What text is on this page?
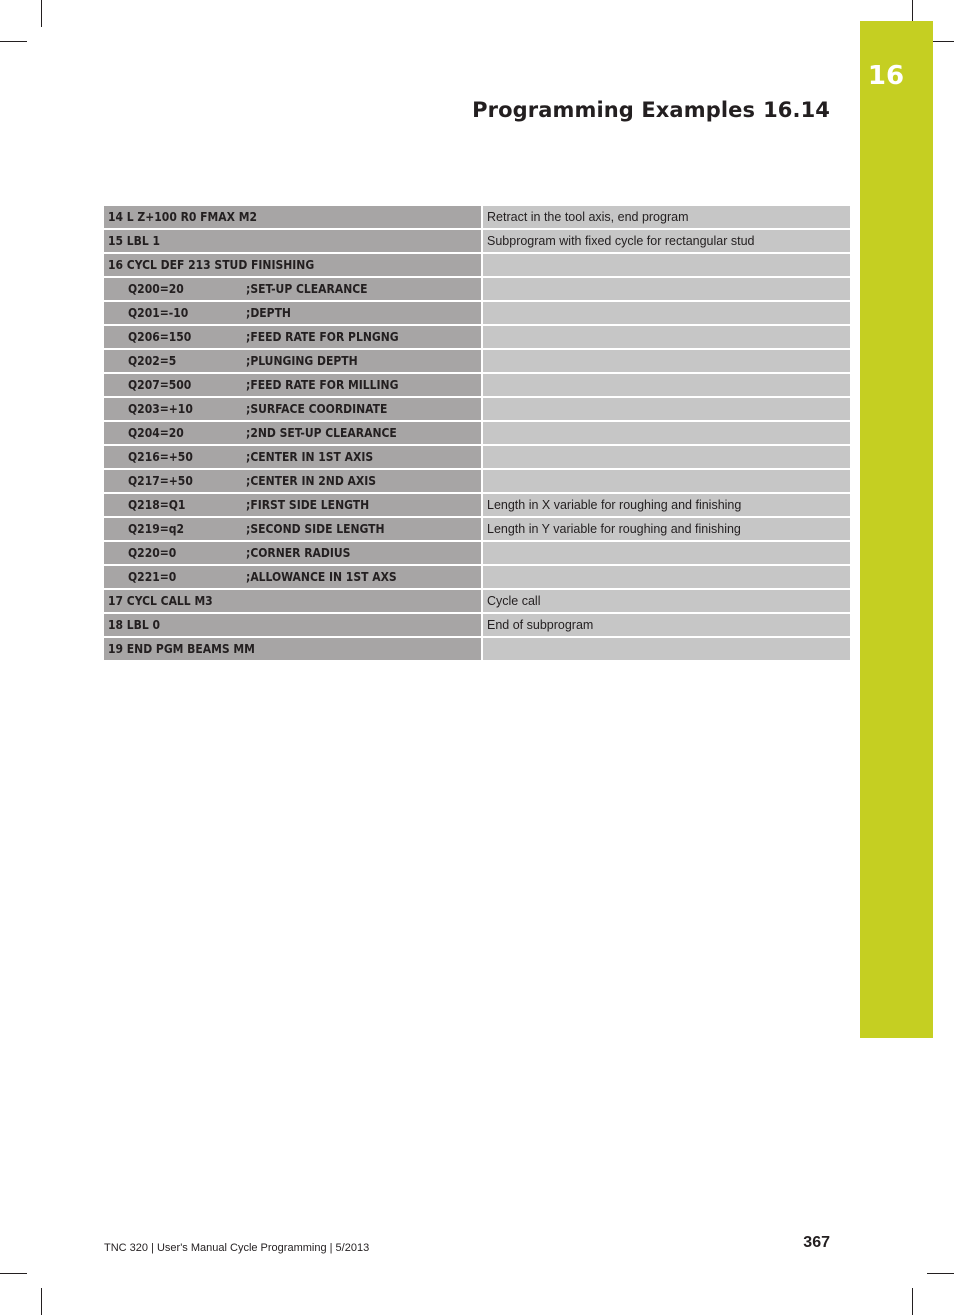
16
Programming Examples 16.14
14 L Z+100 R0 FMAX M2	Retract in the tool axis, end program
15 LBL 1	Subprogram with fixed cycle for rectangular stud
16 CYCL DEF 213 STUD FINISHING	
Q200=20 ;SET-UP CLEARANCE	
Q201=-10 ;DEPTH	
Q206=150 ;FEED RATE FOR PLNGNG	
Q202=5 ;PLUNGING DEPTH	
Q207=500 ;FEED RATE FOR MILLING	
Q203=+10 ;SURFACE COORDINATE	
Q204=20 ;2ND SET-UP CLEARANCE	
Q216=+50 ;CENTER IN 1ST AXIS	
Q217=+50 ;CENTER IN 2ND AXIS	
Q218=Q1 ;FIRST SIDE LENGTH	Length in X variable for roughing and finishing
Q219=q2 ;SECOND SIDE LENGTH	Length in Y variable for roughing and finishing
Q220=0 ;CORNER RADIUS	
Q221=0 ;ALLOWANCE IN 1ST AXS	
17 CYCL CALL M3	Cycle call
18 LBL 0	End of subprogram
19 END PGM BEAMS MM	
TNC 320 | User's Manual Cycle Programming | 5/2013	367
